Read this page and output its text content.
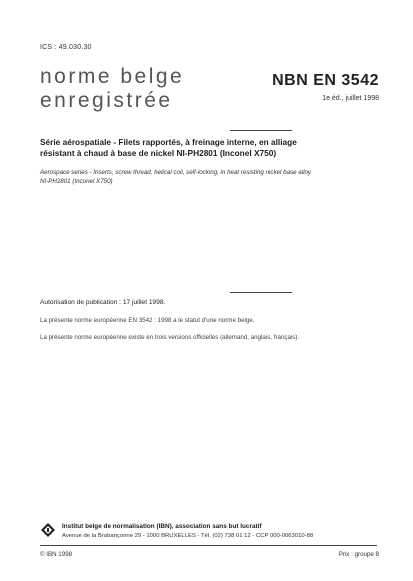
ICS : 49.030.30
norme belge
enregistrée
NBN EN 3542
1e éd., juillet 1998
Série aérospatiale - Filets rapportés, à freinage interne, en alliage
résistant à chaud à base de nickel NI-PH2801 (Inconel X750)
Aerospace series - Inserts, screw thread, helical coil, self-locking, in heat resisting nickel base alloy
NI-PH2801 (Inconel X750)
Autorisation de publication : 17 juillet 1998.
La présente norme européenne EN 3542 : 1998 a le statut d'une norme belge.
La présente norme européenne existe en trois versions officielles (allemand, anglais, français).
Institut belge de normalisation (IBN), association sans but lucratif
Avenue de la Brabançonne 29 - 1000 BRUXELLES - Tél. (02) 738 01 12 - CCP 000-0063010-88
© IBN 1998	Prix : groupe 8
